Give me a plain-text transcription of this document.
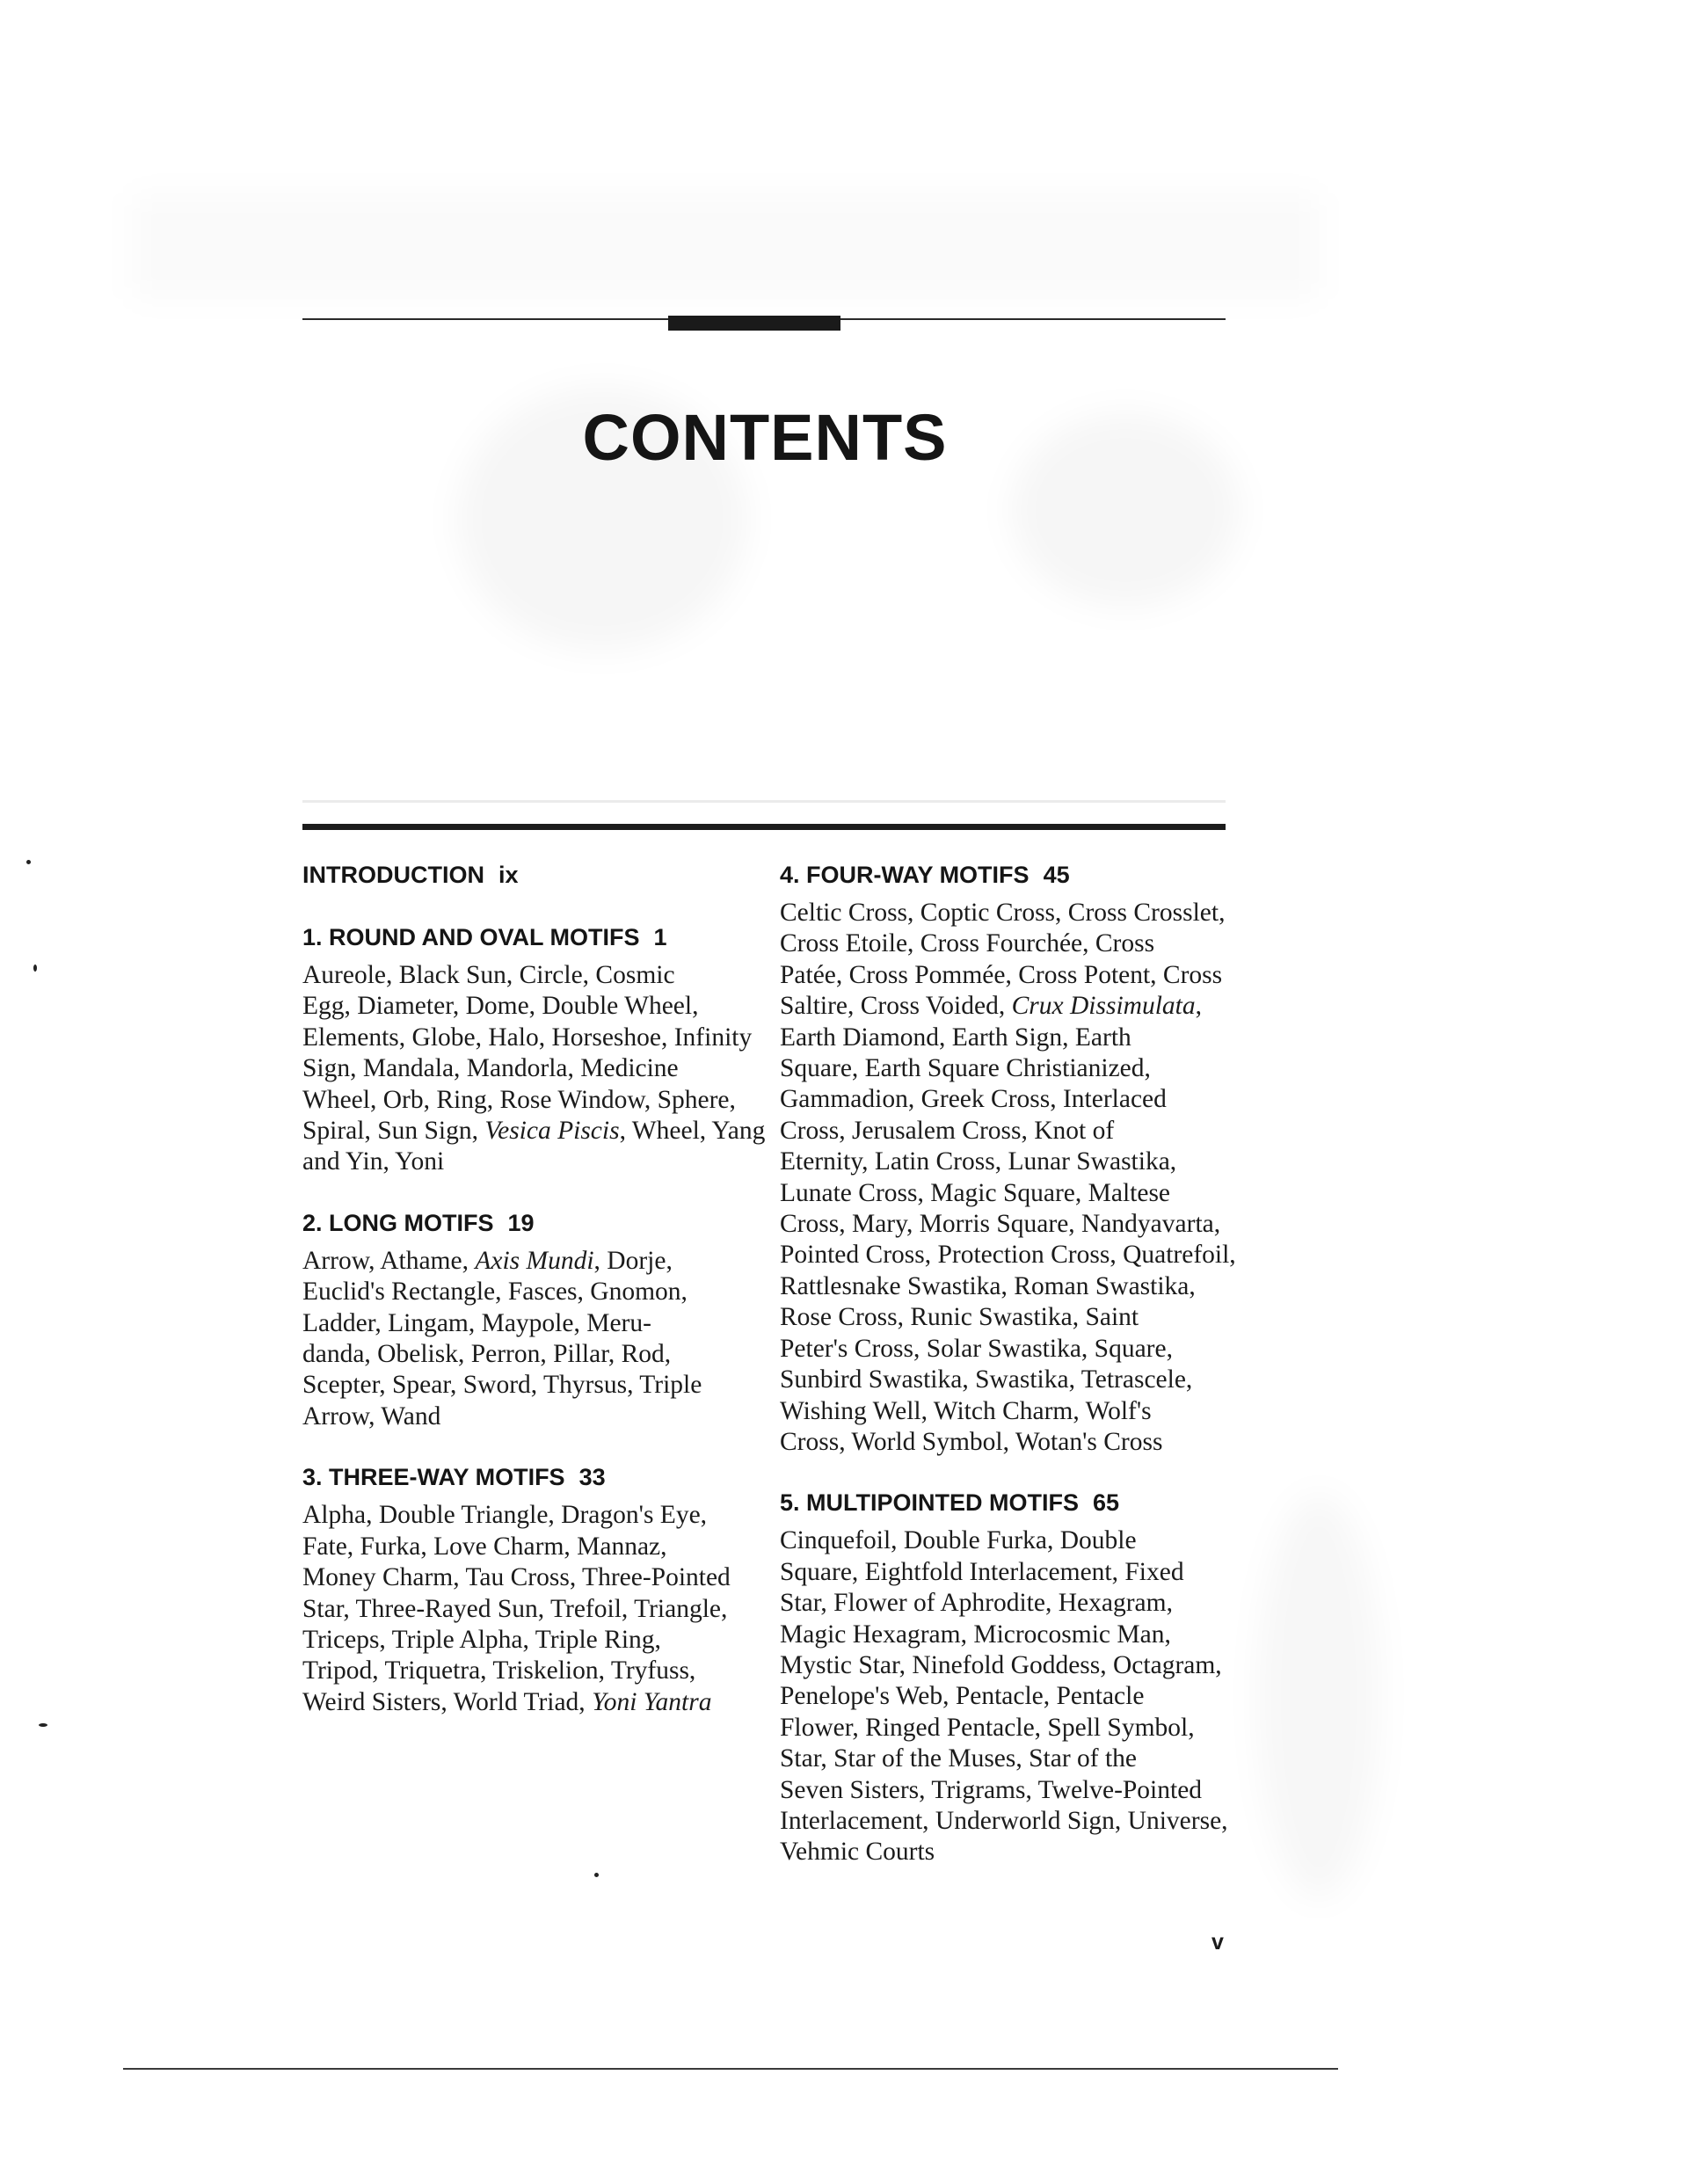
CONTENTS

INTRODUCTION ix

1. ROUND AND OVAL MOTIFS 1

Aureole, Black Sun, Circle, Cosmic
Egg, Diameter, Dome, Double Wheel,
Elements, Globe, Halo, Horseshoe, Infinity
Sign, Mandala, Mandorla, Medicine
Wheel, Orb, Ring, Rose Window, Sphere,
Spiral, Sun Sign, Vesica Piscis, Wheel, Yang
and Yin, Yoni

2. LONG MOTIFS 19

Arrow, Athame, Axis Mundi, Dorje,
Euclid's Rectangle, Fasces, Gnomon,
Ladder, Lingam, Maypole, Meru-
danda, Obelisk, Perron, Pillar, Rod,
Scepter, Spear, Sword, Thyrsus, Triple
Arrow, Wand

3. THREE-WAY MOTIFS 33

Alpha, Double Triangle, Dragon's Eye,
Fate, Furka, Love Charm, Mannaz,
Money Charm, Tau Cross, Three-Pointed
Star, Three-Rayed Sun, Trefoil, Triangle,
Triceps, Triple Alpha, Triple Ring,
Tripod, Triquetra, Triskelion, Tryfuss,
Weird Sisters, World Triad, Yoni Yantra

4. FOUR-WAY MOTIFS 45

Celtic Cross, Coptic Cross, Cross Crosslet,
Cross Etoile, Cross Fourchée, Cross
Patée, Cross Pommée, Cross Potent, Cross
Saltire, Cross Voided, Crux Dissimulata,
Earth Diamond, Earth Sign, Earth
Square, Earth Square Christianized,
Gammadion, Greek Cross, Interlaced
Cross, Jerusalem Cross, Knot of
Eternity, Latin Cross, Lunar Swastika,
Lunate Cross, Magic Square, Maltese
Cross, Mary, Morris Square, Nandyavarta,
Pointed Cross, Protection Cross, Quatrefoil,
Rattlesnake Swastika, Roman Swastika,
Rose Cross, Runic Swastika, Saint
Peter's Cross, Solar Swastika, Square,
Sunbird Swastika, Swastika, Tetrascele,
Wishing Well, Witch Charm, Wolf's
Cross, World Symbol, Wotan's Cross

5. MULTIPOINTED MOTIFS 65

Cinquefoil, Double Furka, Double
Square, Eightfold Interlacement, Fixed
Star, Flower of Aphrodite, Hexagram,
Magic Hexagram, Microcosmic Man,
Mystic Star, Ninefold Goddess, Octagram,
Penelope's Web, Pentacle, Pentacle
Flower, Ringed Pentacle, Spell Symbol,
Star, Star of the Muses, Star of the
Seven Sisters, Trigrams, Twelve-Pointed
Interlacement, Underworld Sign, Universe,
Vehmic Courts

v
